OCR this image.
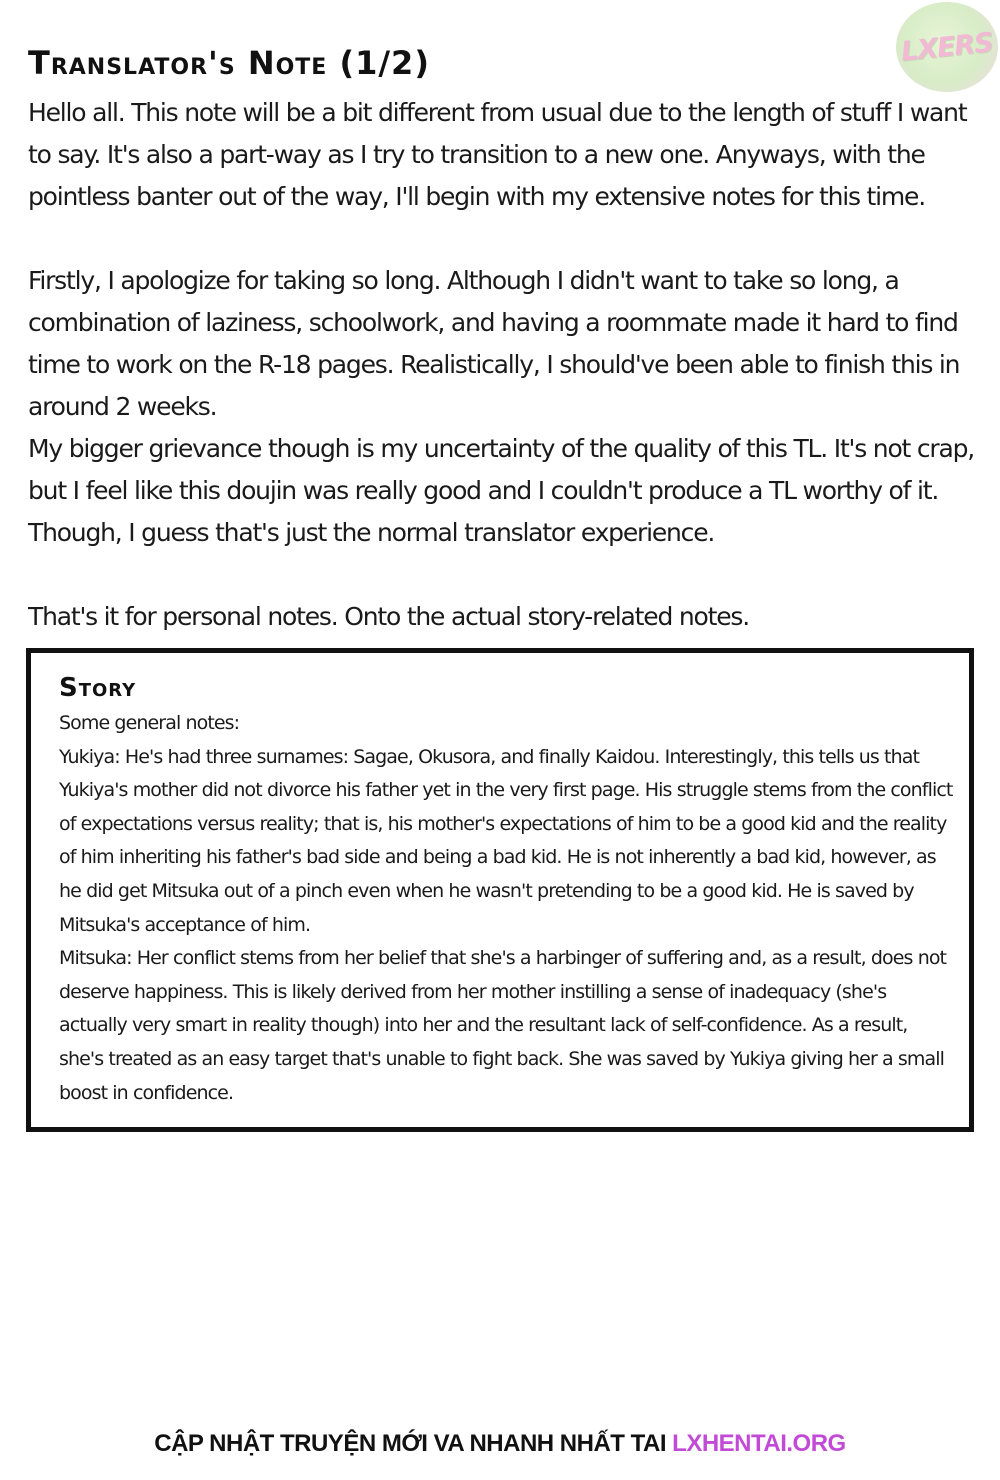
LXERS
Translator's Note (1/2)

Hello all. This note will be a bit different from usual due to the length of stuff I want to say. It's also a part-way as I try to transition to a new one. Anyways, with the pointless banter out of the way, I'll begin with my extensive notes for this time.

Firstly, I apologize for taking so long. Although I didn't want to take so long, a combination of laziness, schoolwork, and having a roommate made it hard to find time to work on the R-18 pages. Realistically, I should've been able to finish this in around 2 weeks.

My bigger grievance though is my uncertainty of the quality of this TL. It's not crap, but I feel like this doujin was really good and I couldn't produce a TL worthy of it. Though, I guess that's just the normal translator experience.

That's it for personal notes. Onto the actual story-related notes.

Story

Some general notes:

Yukiya: He's had three surnames: Sagae, Okusora, and finally Kaidou. Interestingly, this tells us that Yukiya's mother did not divorce his father yet in the very first page. His struggle stems from the conflict of expectations versus reality; that is, his mother's expectations of him to be a good kid and the reality of him inheriting his father's bad side and being a bad kid. He is not inherently a bad kid, however, as he did get Mitsuka out of a pinch even when he wasn't pretending to be a good kid. He is saved by Mitsuka's acceptance of him.

Mitsuka: Her conflict stems from her belief that she's a harbinger of suffering and, as a result, does not deserve happiness. This is likely derived from her mother instilling a sense of inadequacy (she's actually very smart in reality though) into her and the resultant lack of self-confidence. As a result, she's treated as an easy target that's unable to fight back. She was saved by Yukiya giving her a small boost in confidence.

CẬP NHẬT TRUYỆN MỚI VA NHANH NHẤT TAI LXHENTAI.ORG
